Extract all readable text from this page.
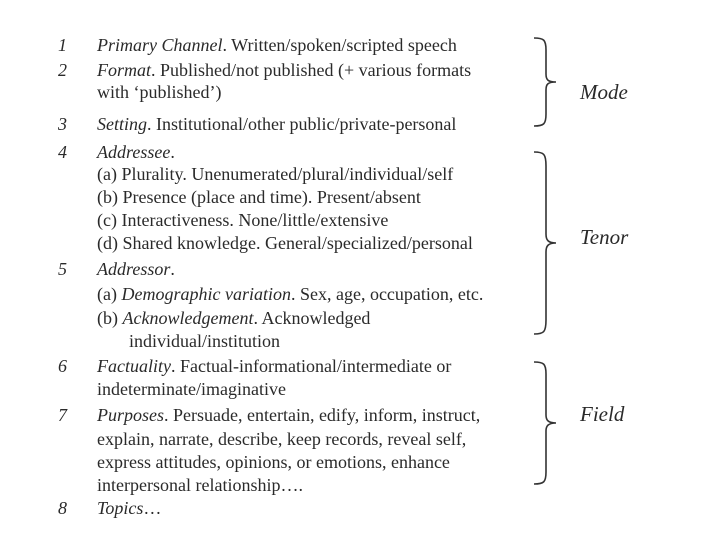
1 Primary Channel. Written/spoken/scripted speech
2 Format. Published/not published (+ various formats
with ‘published’)
3 Setting. Institutional/other public/private-personal
4 Addressee.
(a) Plurality. Unenumerated/plural/individual/self
(b) Presence (place and time). Present/absent
(c) Interactiveness. None/little/extensive
(d) Shared knowledge. General/specialized/personal
5 Addressor.
(a) Demographic variation. Sex, age, occupation, etc.
(b) Acknowledgement. Acknowledged
individual/institution
6 Factuality. Factual-informational/intermediate or
indeterminate/imaginative
7 Purposes. Persuade, entertain, edify, inform, instruct,
explain, narrate, describe, keep records, reveal self,
express attitudes, opinions, or emotions, enhance
interpersonal relationship….
8 Topics…
Mode
Tenor
Field
